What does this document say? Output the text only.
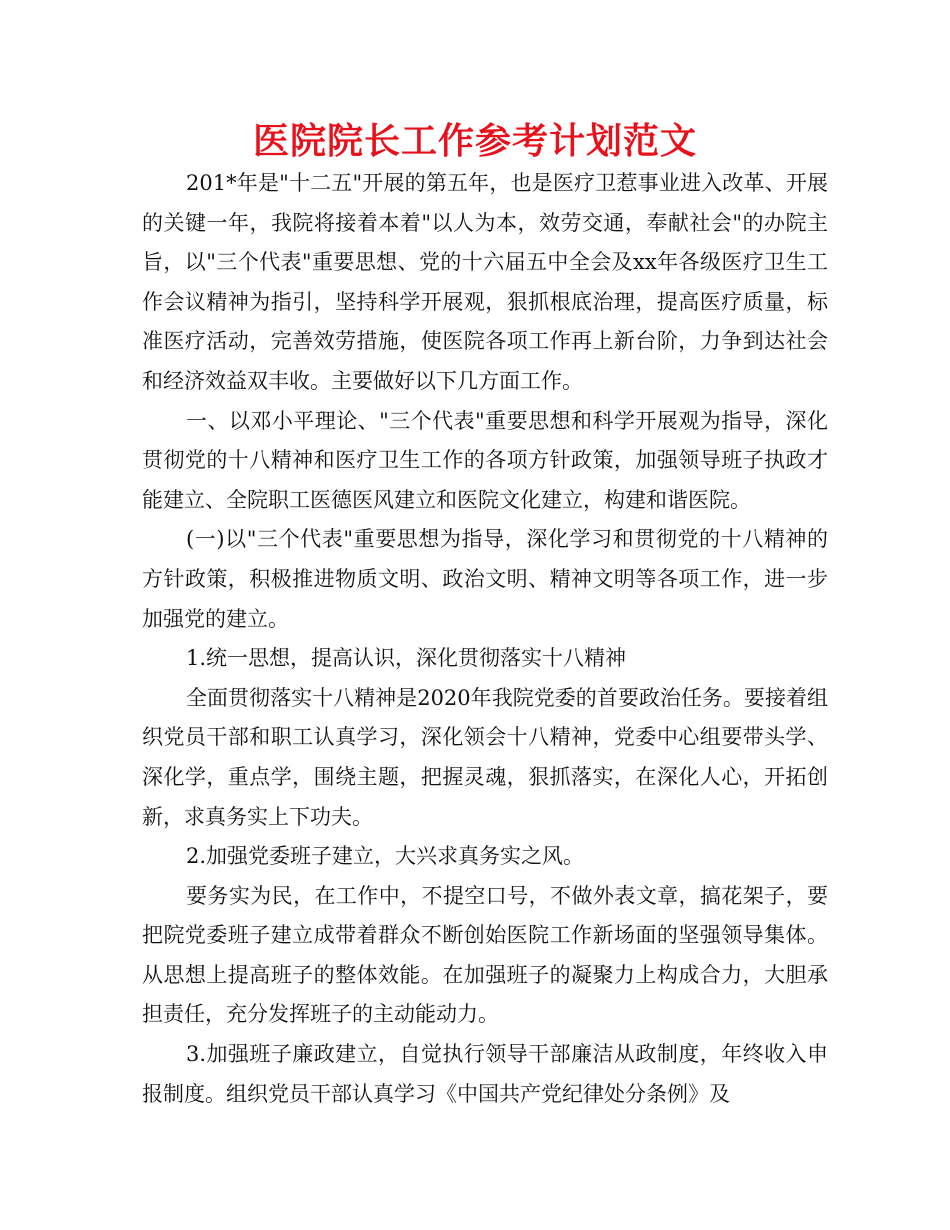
医院院长工作参考计划范文

201*年是"十二五"开展的第五年，也是医疗卫惹事业进入改革、开展的关键一年，我院将接着本着"以人为本，效劳交通，奉献社会"的办院主旨，以"三个代表"重要思想、党的十六届五中全会及xx年各级医疗卫生工作会议精神为指引，坚持科学开展观，狠抓根底治理，提高医疗质量，标准医疗活动，完善效劳措施，使医院各项工作再上新台阶，力争到达社会和经济效益双丰收。主要做好以下几方面工作。

一、以邓小平理论、"三个代表"重要思想和科学开展观为指导，深化贯彻党的十八精神和医疗卫生工作的各项方针政策，加强领导班子执政才能建立、全院职工医德医风建立和医院文化建立，构建和谐医院。

(一)以"三个代表"重要思想为指导，深化学习和贯彻党的十八精神的方针政策，积极推进物质文明、政治文明、精神文明等各项工作，进一步加强党的建立。

1.统一思想，提高认识，深化贯彻落实十八精神

全面贯彻落实十八精神是2020年我院党委的首要政治任务。要接着组织党员干部和职工认真学习，深化领会十八精神，党委中心组要带头学、深化学，重点学，围绕主题，把握灵魂，狠抓落实，在深化人心，开拓创新，求真务实上下功夫。

2.加强党委班子建立，大兴求真务实之风。

要务实为民，在工作中，不提空口号，不做外表文章，搞花架子，要把院党委班子建立成带着群众不断创始医院工作新场面的坚强领导集体。从思想上提高班子的整体效能。在加强班子的凝聚力上构成合力，大胆承担责任，充分发挥班子的主动能动力。

3.加强班子廉政建立，自觉执行领导干部廉洁从政制度，年终收入申报制度。组织党员干部认真学习《中国共产党纪律处分条例》及
